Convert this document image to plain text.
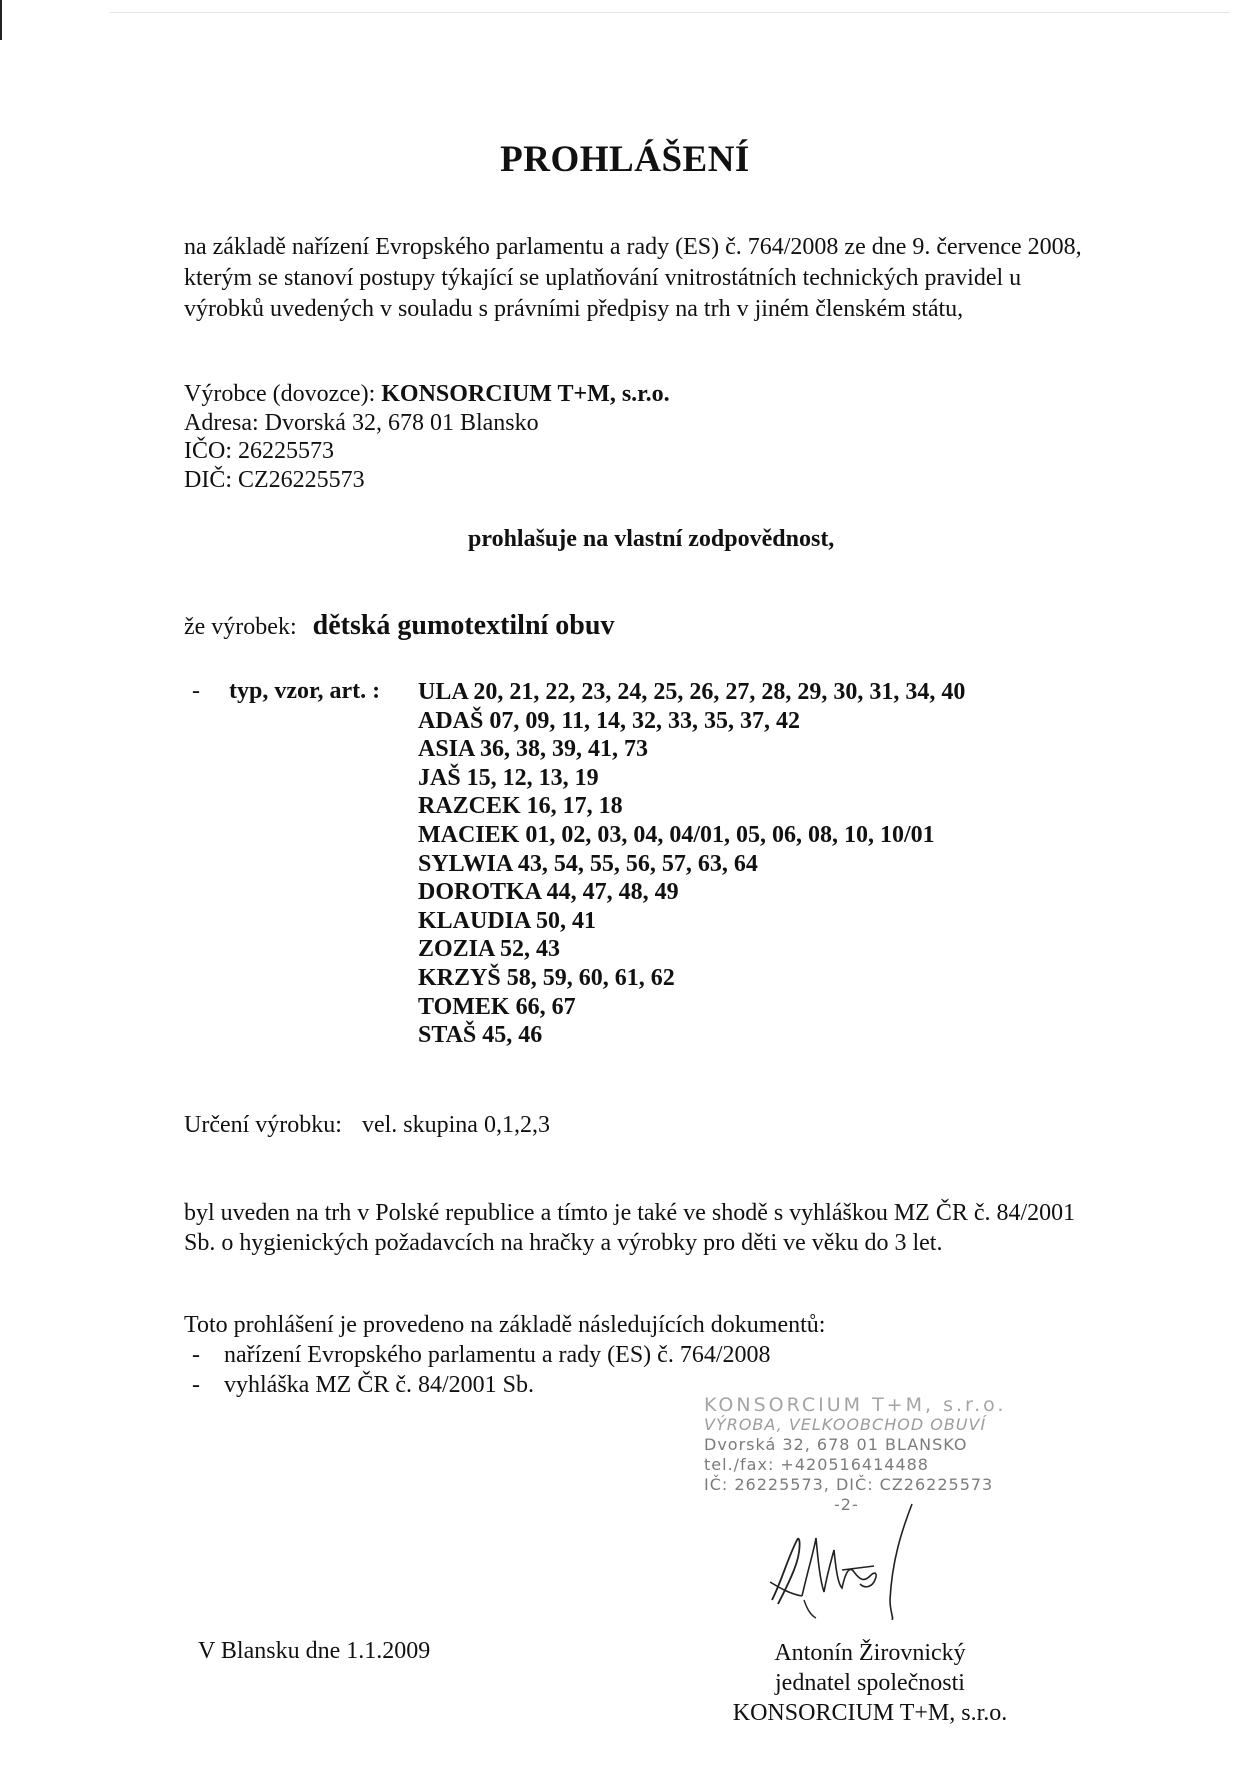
PROHLÁŠENÍ
na základě nařízení Evropského parlamentu a rady (ES) č. 764/2008 ze dne 9. července 2008,
kterým se stanoví postupy týkající se uplatňování vnitrostátních technických pravidel u
výrobků uvedených v souladu s právními předpisy na trh v jiném členském státu,
Výrobce (dovozce): KONSORCIUM T+M, s.r.o.
Adresa: Dvorská 32, 678 01 Blansko
IČO: 26225573
DIČ: CZ26225573
prohlašuje na vlastní zodpovědnost,
že výrobek: dětská gumotextilní obuv
- typ, vzor, art. : ULA 20, 21, 22, 23, 24, 25, 26, 27, 28, 29, 30, 31, 34, 40
ADAŠ 07, 09, 11, 14, 32, 33, 35, 37, 42
ASIA 36, 38, 39, 41, 73
JAŠ 15, 12, 13, 19
RAZCEK 16, 17, 18
MACIEK 01, 02, 03, 04, 04/01, 05, 06, 08, 10, 10/01
SYLWIA 43, 54, 55, 56, 57, 63, 64
DOROTKA 44, 47, 48, 49
KLAUDIA 50, 41
ZOZIA 52, 43
KRZYŠ 58, 59, 60, 61, 62
TOMEK 66, 67
STAŠ 45, 46
Určení výrobku: vel. skupina 0,1,2,3
byl uveden na trh v Polské republice a tímto je také ve shodě s vyhláškou MZ ČR č. 84/2001
Sb. o hygienických požadavcích na hračky a výrobky pro děti ve věku do 3 let.
Toto prohlášení je provedeno na základě následujících dokumentů:
- nařízení Evropského parlamentu a rady (ES) č. 764/2008
- vyhláška MZ ČR č. 84/2001 Sb.
KONSORCIUM T+M, s.r.o.
VÝROBA, VELKOOBCHOD OBUVÍ
Dvorská 32, 678 01 BLANSKO
tel./fax: +420516414488
IČ: 26225573, DIČ: CZ26225573
-2-
V Blansku dne 1.1.2009	Antonín Žirovnický
jednatel společnosti
KONSORCIUM T+M, s.r.o.
